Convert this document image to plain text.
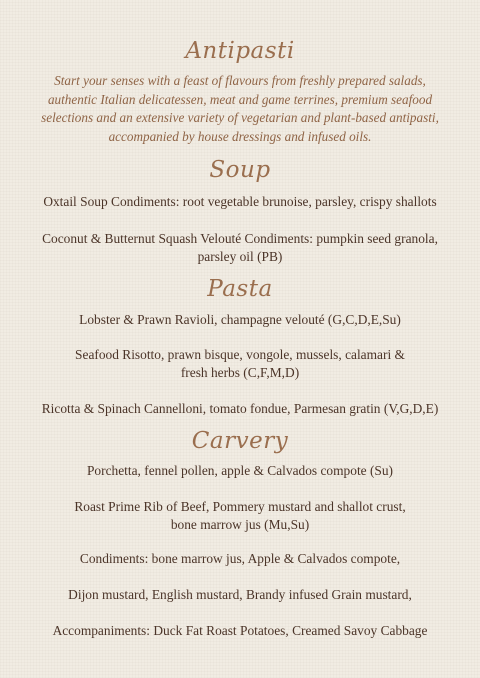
Antipasti

Start your senses with a feast of flavours from freshly prepared salads, authentic Italian delicatessen, meat and game terrines, premium seafood selections and an extensive variety of vegetarian and plant-based antipasti, accompanied by house dressings and infused oils.

Soup

Oxtail Soup Condiments: root vegetable brunoise, parsley, crispy shallots

Coconut & Butternut Squash Velouté Condiments: pumpkin seed granola, parsley oil (PB)

Pasta

Lobster & Prawn Ravioli, champagne velouté (G,C,D,E,Su)

Seafood Risotto, prawn bisque, vongole, mussels, calamari & fresh herbs (C,F,M,D)

Ricotta & Spinach Cannelloni, tomato fondue, Parmesan gratin (V,G,D,E)

Carvery

Porchetta, fennel pollen, apple & Calvados compote (Su)

Roast Prime Rib of Beef, Pommery mustard and shallot crust, bone marrow jus (Mu,Su)

Condiments: bone marrow jus, Apple & Calvados compote,

Dijon mustard, English mustard, Brandy infused Grain mustard,

Accompaniments: Duck Fat Roast Potatoes, Creamed Savoy Cabbage
